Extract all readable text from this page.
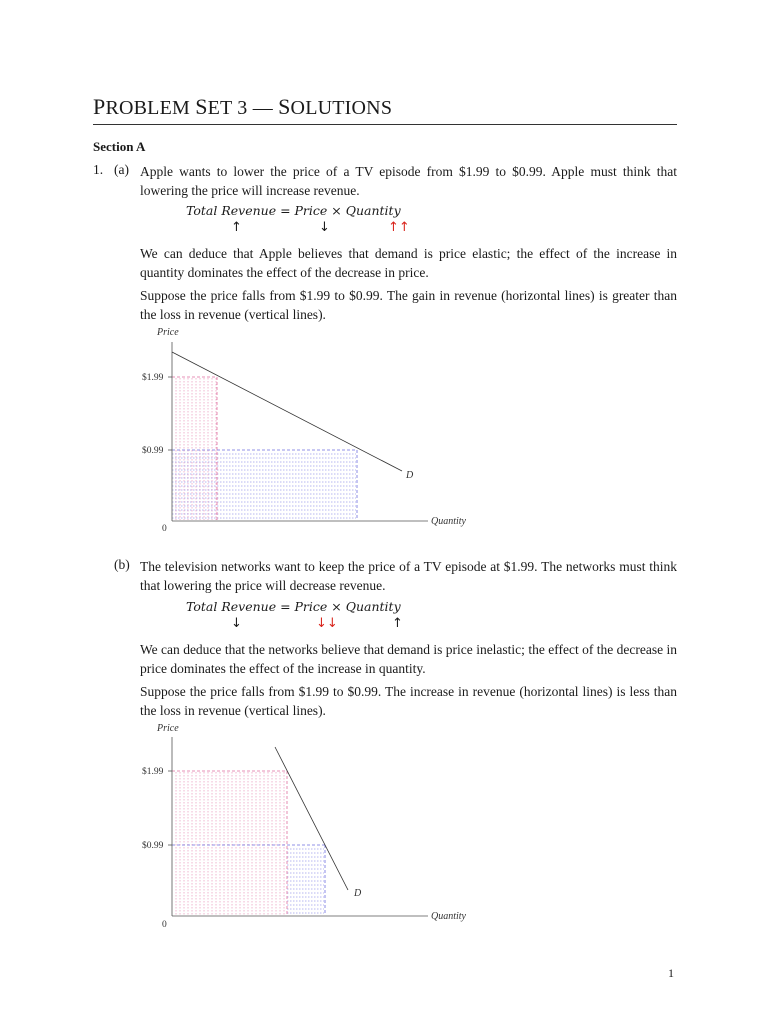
PROBLEM SET 3 — SOLUTIONS
Section A
1. (a) Apple wants to lower the price of a TV episode from $1.99 to $0.99. Apple must think that lowering the price will increase revenue.
Total Revenue = Price × Quantity
↑	↓	↑↑
We can deduce that Apple believes that demand is price elastic; the effect of the increase in quantity dominates the effect of the decrease in price.
Suppose the price falls from $1.99 to $0.99. The gain in revenue (horizontal lines) is greater than the loss in revenue (vertical lines).
Price
Quantity
0
$1.99
$0.99
D
(b) The television networks want to keep the price of a TV episode at $1.99. The networks must think that lowering the price will decrease revenue.
Total Revenue = Price × Quantity
↓	↓↓	↑
We can deduce that the networks believe that demand is price inelastic; the effect of the decrease in price dominates the effect of the increase in quantity.
Suppose the price falls from $1.99 to $0.99. The increase in revenue (horizontal lines) is less than the loss in revenue (vertical lines).
Price
Quantity
0
$1.99
$0.99
D
1
